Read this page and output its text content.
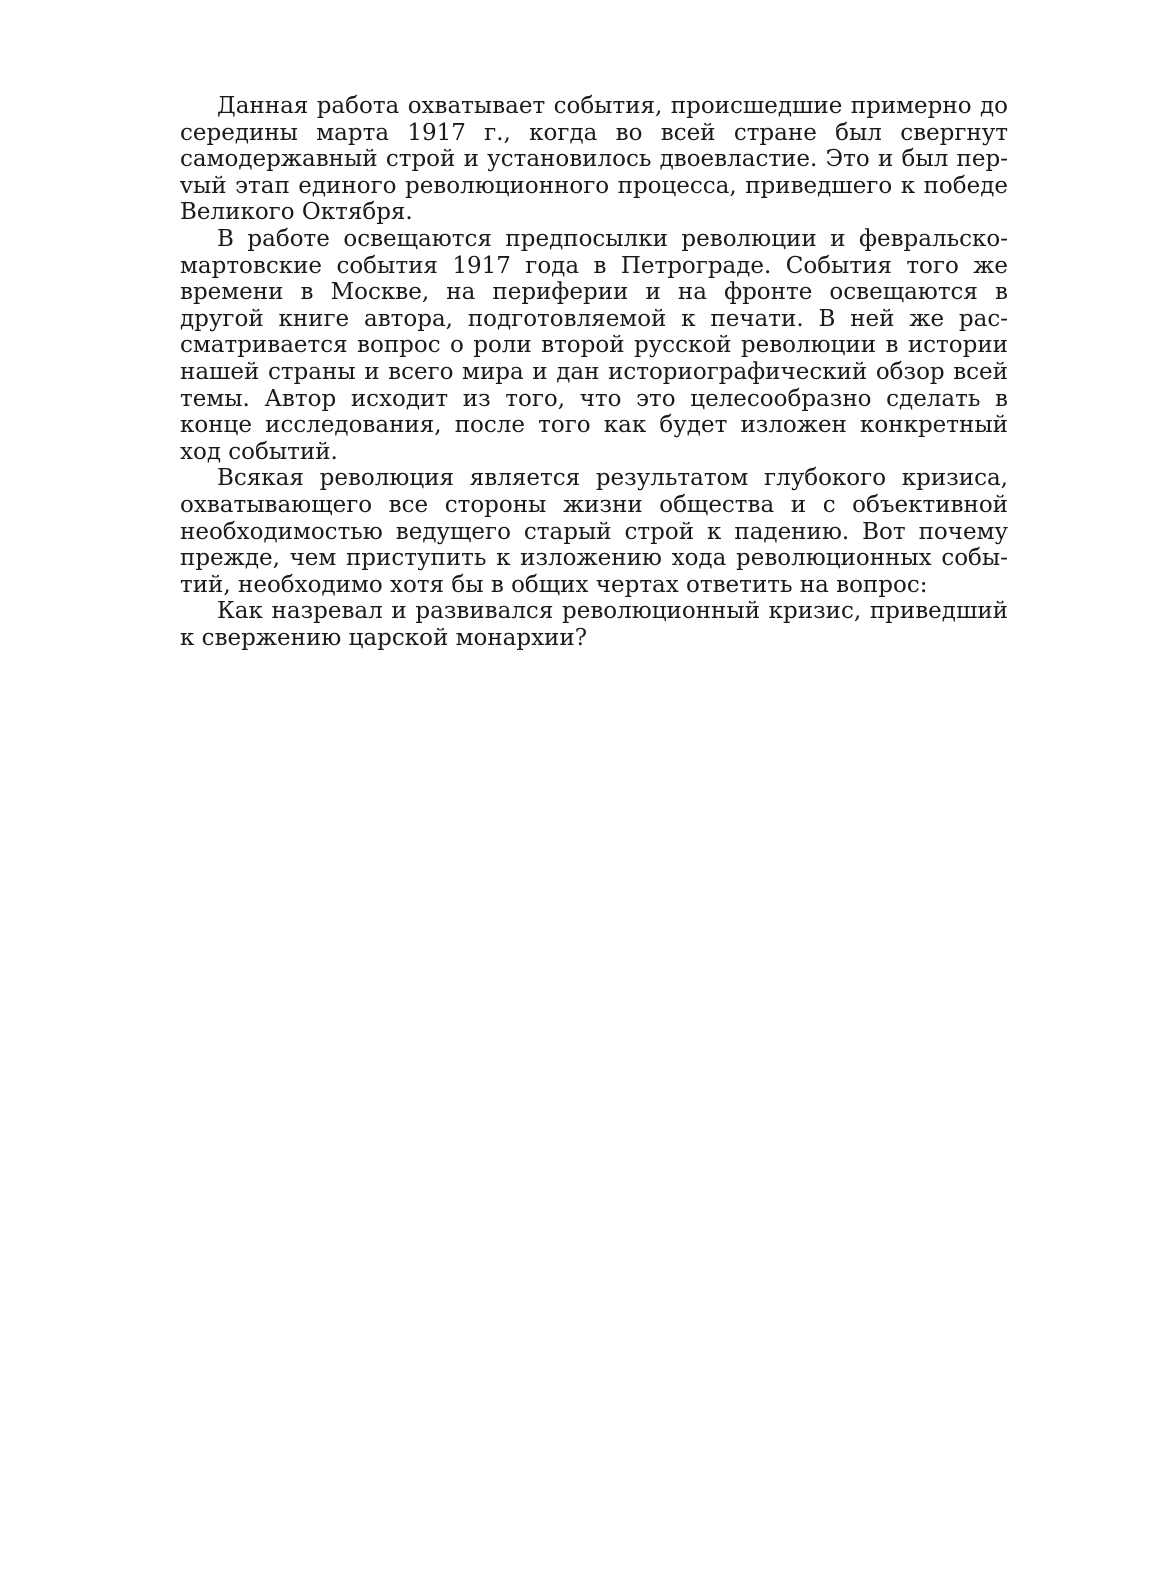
Данная работа охватывает события, происшедшие примерно до середины марта 1917 г., когда во всей стране был свергнут самодержавный строй и установилось двоевластие. Это и был перvый этап единого революционного процесса, приведшего к победе Великого Октября.

В работе освещаются предпосылки революции и февральско-мартовские события 1917 года в Петрограде. События того же времени в Москве, на периферии и на фронте освещаются в другой книге автора, подготовляемой к печати. В ней же рассматривается вопрос о роли второй русской революции в истории нашей страны и всего мира и дан историографический обзор всей темы. Автор исходит из того, что это целесообразно сделать в конце исследования, после того как будет изложен конкретный ход событий.

Всякая революция является результатом глубокого кризиса, охватывающего все стороны жизни общества и с объективной необходимостью ведущего старый строй к падению. Вот почему прежде, чем приступить к изложению хода революционных событий, необходимо хотя бы в общих чертах ответить на вопрос:

Как назревал и развивался революционный кризис, приведший к свержению царской монархии?
